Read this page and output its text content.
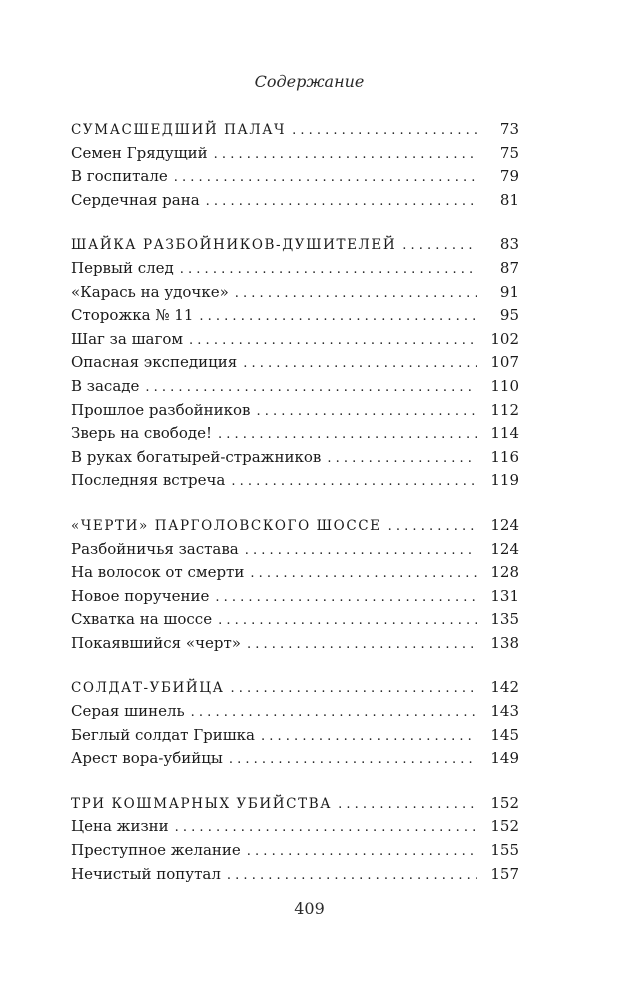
Содержание
СУМАСШЕДШИЙ ПАЛАЧ . . .	73
Семен Грядущий . . .	75
В госпитале . . .	79
Сердечная рана . . .	81
ШАЙКА РАЗБОЙНИКОВ-ДУШИТЕЛЕЙ . . .	83
Первый след . . .	87
«Карась на удочке» . . .	91
Сторожка № 11 . . .	95
Шаг за шагом . . .	102
Опасная экспедиция . . .	107
В засаде . . .	110
Прошлое разбойников . . .	112
Зверь на свободе! . . .	114
В руках богатырей-стражников . . .	116
Последняя встреча . . .	119
«ЧЕРТИ» ПАРГОЛОВСКОГО ШОССЕ . . .	124
Разбойничья застава . . .	124
На волосок от смерти . . .	128
Новое поручение . . .	131
Схватка на шоссе . . .	135
Покаявшийся «черт» . . .	138
СОЛДАТ-УБИЙЦА . . .	142
Серая шинель . . .	143
Беглый солдат Гришка . . .	145
Арест вора-убийцы . . .	149
ТРИ КОШМАРНЫХ УБИЙСТВА . . .	152
Цена жизни . . .	152
Преступное желание . . .	155
Нечистый попутал . . .	157
409
